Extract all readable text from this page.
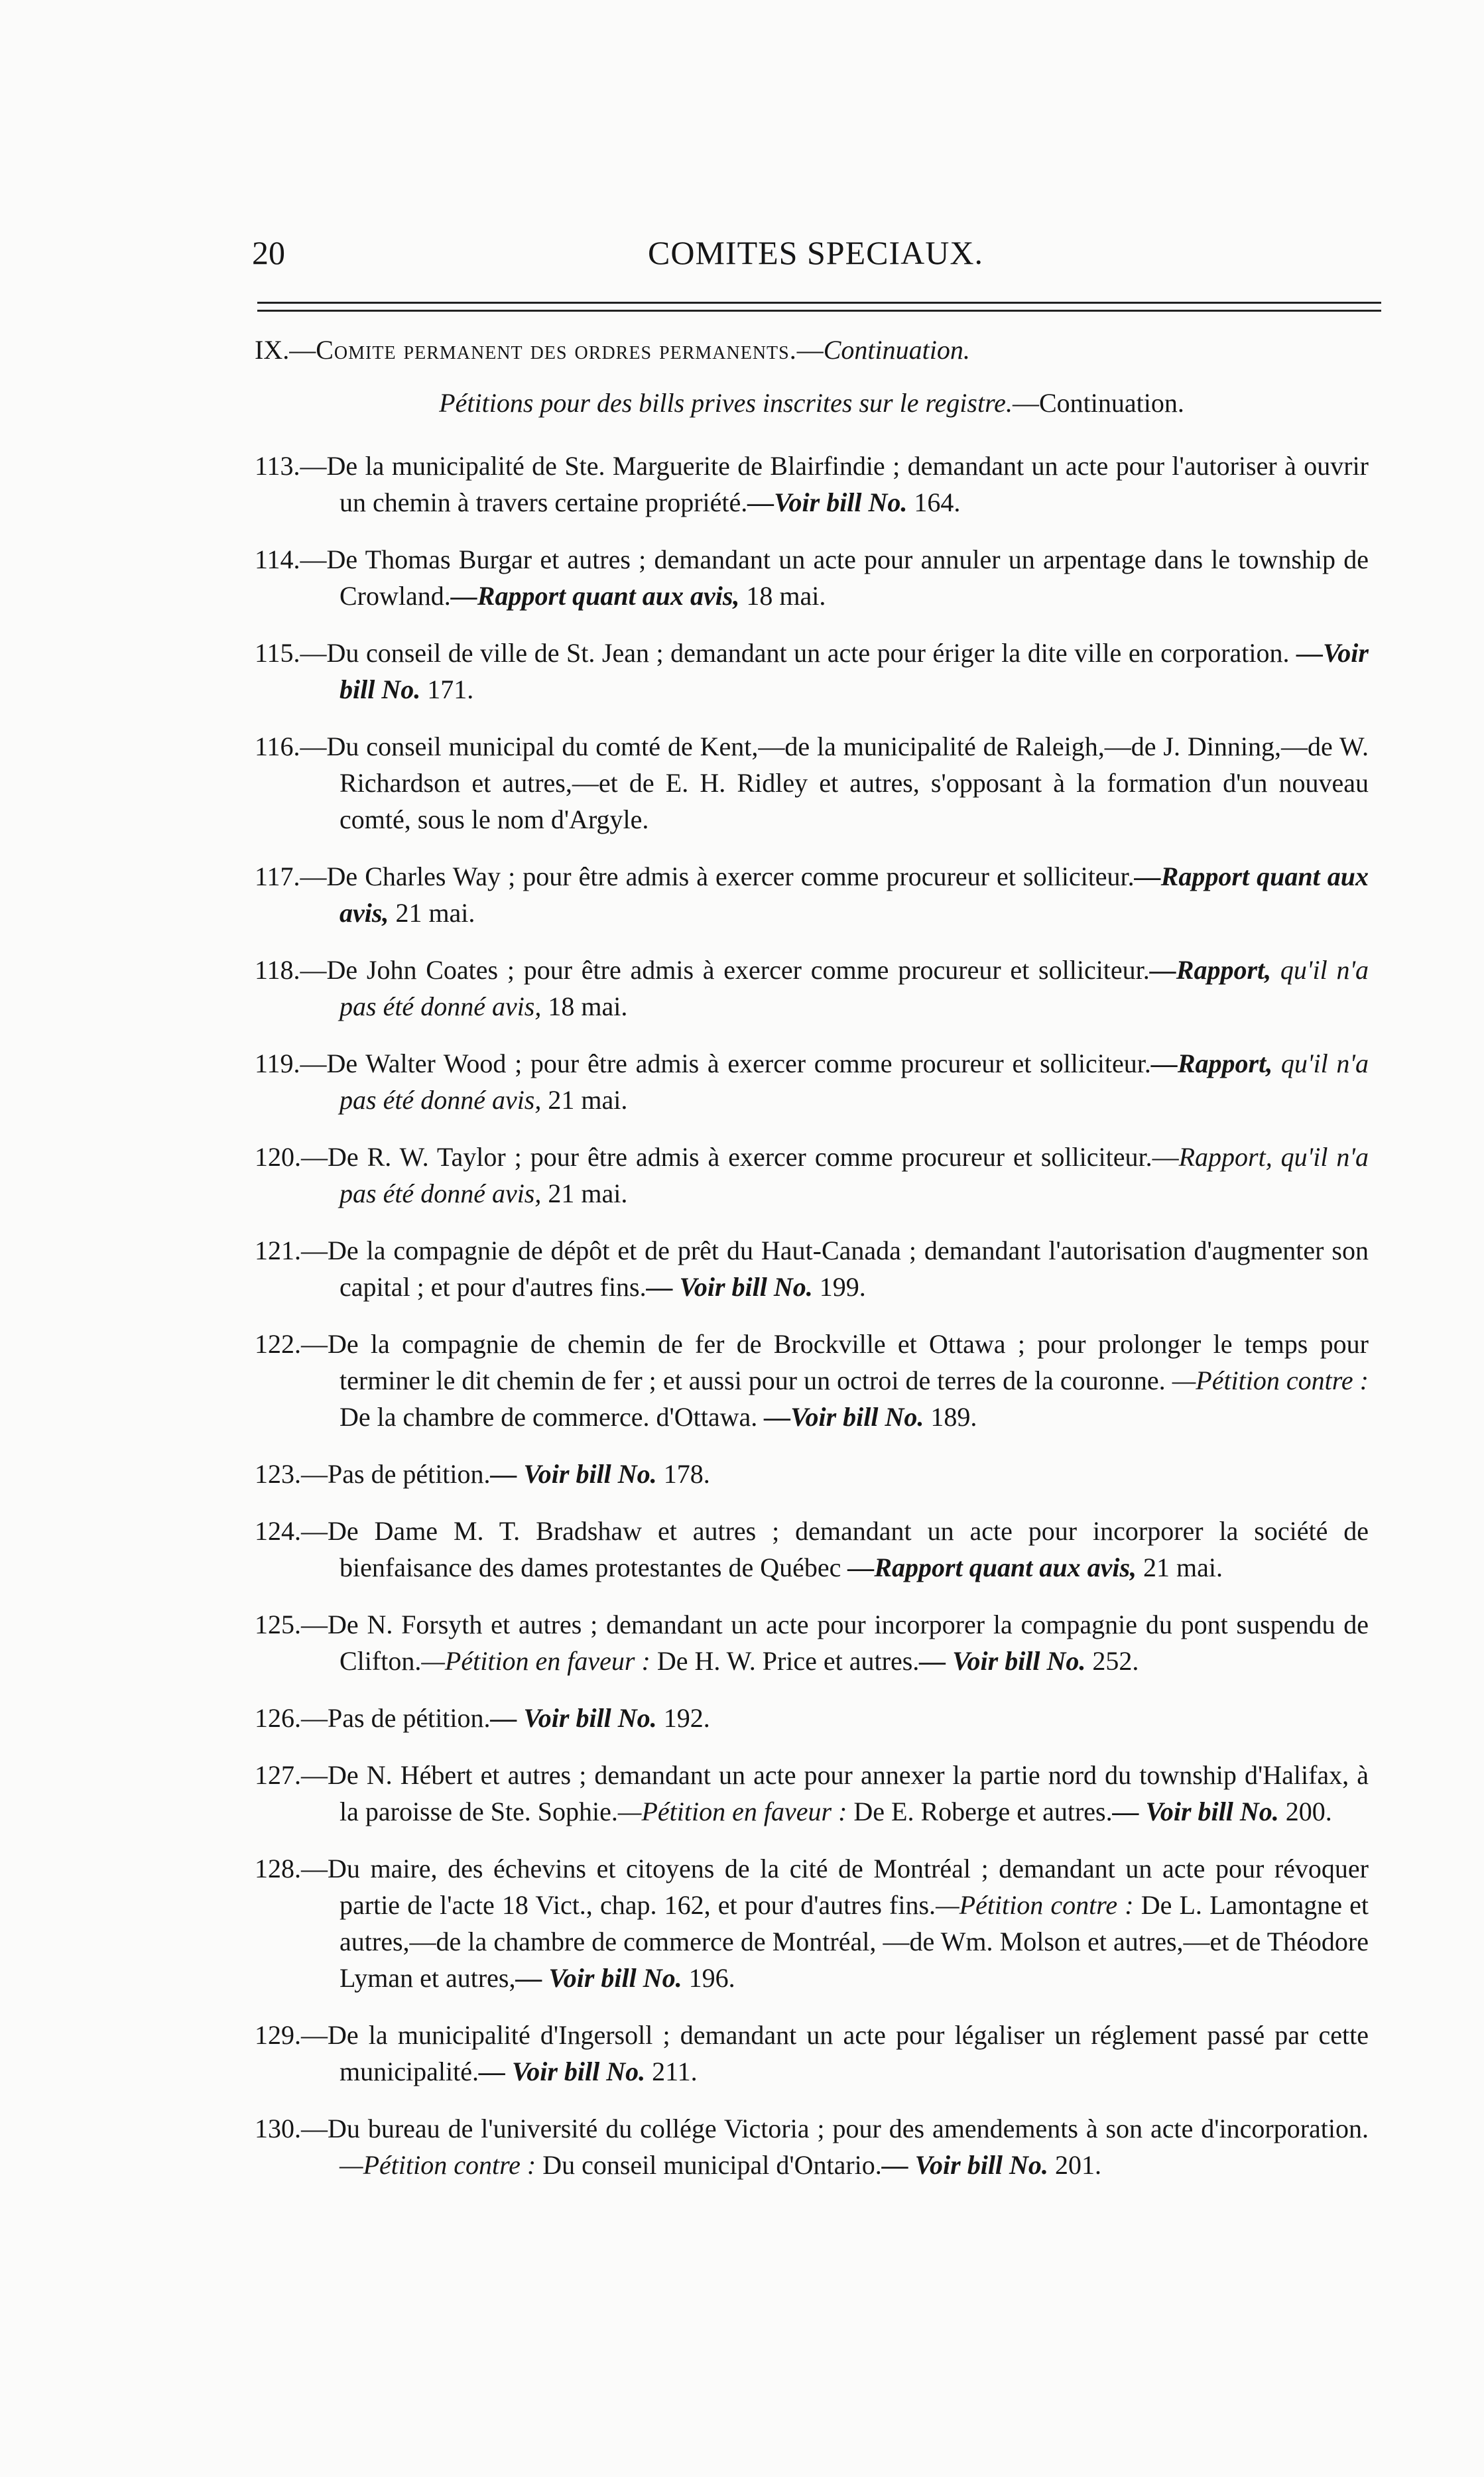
20	COMITES SPECIAUX.

IX.—Comite permanent des ordres permanents.—Continuation.

Pétitions pour des bills prives inscrites sur le registre.—Continuation.

113.—De la municipalité de Ste. Marguerite de Blairfindie ; demandant un acte pour l'autoriser à ouvrir un chemin à travers certaine propriété.—Voir bill No. 164.

114.—De Thomas Burgar et autres ; demandant un acte pour annuler un arpentage dans le township de Crowland.—Rapport quant aux avis, 18 mai.

115.—Du conseil de ville de St. Jean ; demandant un acte pour ériger la dite ville en corporation. —Voir bill No. 171.

116.—Du conseil municipal du comté de Kent,—de la municipalité de Raleigh,—de J. Dinning,—de W. Richardson et autres,—et de E. H. Ridley et autres, s'opposant à la formation d'un nouveau comté, sous le nom d'Argyle.

117.—De Charles Way ; pour être admis à exercer comme procureur et solliciteur.—Rapport quant aux avis, 21 mai.

118.—De John Coates ; pour être admis à exercer comme procureur et solliciteur.—Rapport, qu'il n'a pas été donné avis, 18 mai.

119.—De Walter Wood ; pour être admis à exercer comme procureur et solliciteur.—Rapport, qu'il n'a pas été donné avis, 21 mai.

120.—De R. W. Taylor ; pour être admis à exercer comme procureur et solliciteur.—Rapport, qu'il n'a pas été donné avis, 21 mai.

121.—De la compagnie de dépôt et de prêt du Haut-Canada ; demandant l'autorisation d'augmenter son capital ; et pour d'autres fins.— Voir bill No. 199.

122.—De la compagnie de chemin de fer de Brockville et Ottawa ; pour prolonger le temps pour terminer le dit chemin de fer ; et aussi pour un octroi de terres de la couronne. —Pétition contre : De la chambre de commerce. d'Ottawa. —Voir bill No. 189.

123.—Pas de pétition.— Voir bill No. 178.

124.—De Dame M. T. Bradshaw et autres ; demandant un acte pour incorporer la société de bienfaisance des dames protestantes de Québec —Rapport quant aux avis, 21 mai.

125.—De N. Forsyth et autres ; demandant un acte pour incorporer la compagnie du pont suspendu de Clifton.—Pétition en faveur : De H. W. Price et autres.— Voir bill No. 252.

126.—Pas de pétition.— Voir bill No. 192.

127.—De N. Hébert et autres ; demandant un acte pour annexer la partie nord du township d'Halifax, à la paroisse de Ste. Sophie.—Pétition en faveur : De E. Roberge et autres.— Voir bill No. 200.

128.—Du maire, des échevins et citoyens de la cité de Montréal ; demandant un acte pour révoquer partie de l'acte 18 Vict., chap. 162, et pour d'autres fins.—Pétition contre : De L. Lamontagne et autres,—de la chambre de commerce de Montréal, —de Wm. Molson et autres,—et de Théodore Lyman et autres,— Voir bill No. 196.

129.—De la municipalité d'Ingersoll ; demandant un acte pour légaliser un réglement passé par cette municipalité.— Voir bill No. 211.

130.—Du bureau de l'université du collége Victoria ; pour des amendements à son acte d'incorporation.—Pétition contre : Du conseil municipal d'Ontario.— Voir bill No. 201.
